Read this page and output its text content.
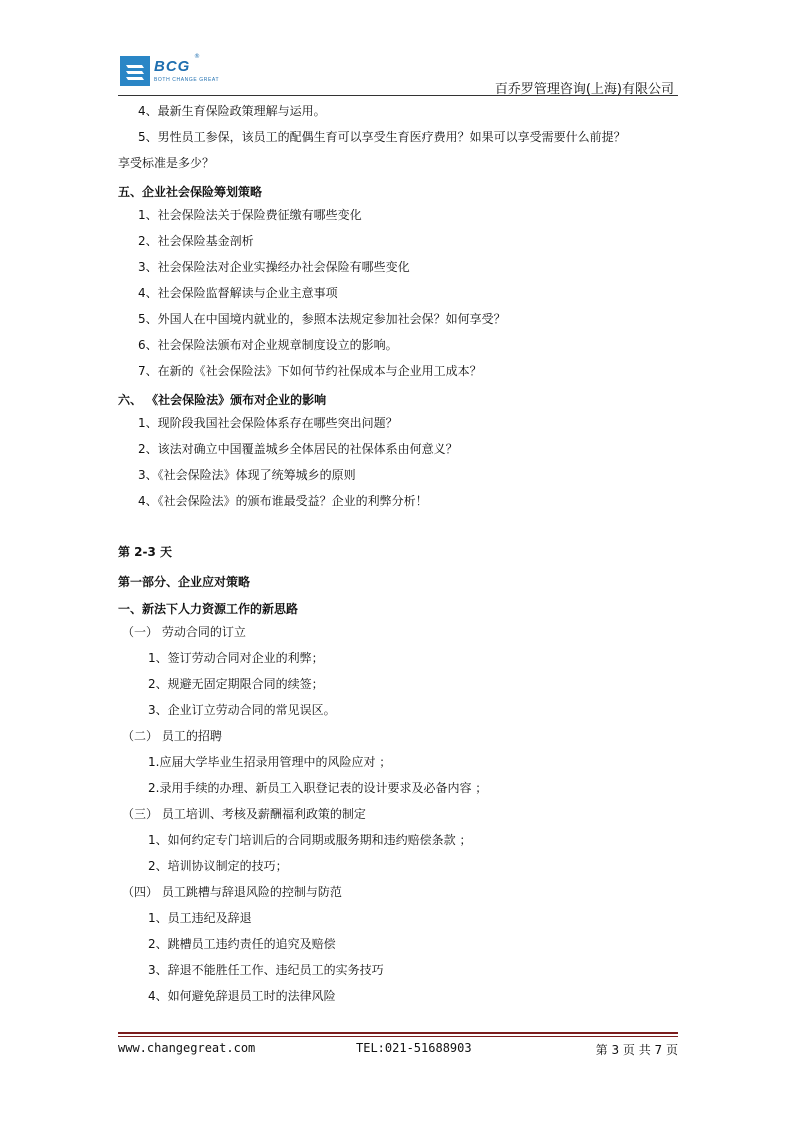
BCG
®
BOTH CHANGE GREAT
百乔罗管理咨询(上海)有限公司
4、最新生育保险政策理解与运用。
5、男性员工参保，该员工的配偶生育可以享受生育医疗费用？如果可以享受需要什么前提？
享受标准是多少？
五、企业社会保险筹划策略
1、社会保险法关于保险费征缴有哪些变化
2、社会保险基金剖析
3、社会保险法对企业实操经办社会保险有哪些变化
4、社会保险监督解读与企业主意事项
5、外国人在中国境内就业的，参照本法规定参加社会保？如何享受？
6、社会保险法颁布对企业规章制度设立的影响。
7、在新的《社会保险法》下如何节约社保成本与企业用工成本？
六、 《社会保险法》颁布对企业的影响
1、现阶段我国社会保险体系存在哪些突出问题？
2、该法对确立中国覆盖城乡全体居民的社保体系由何意义？
3、《社会保险法》体现了统筹城乡的原则
4、《社会保险法》的颁布谁最受益？企业的利弊分析！
第 2-3 天
第一部分、企业应对策略
一、新法下人力资源工作的新思路
（一） 劳动合同的订立
1、签订劳动合同对企业的利弊；
2、规避无固定期限合同的续签；
3、企业订立劳动合同的常见误区。
（二） 员工的招聘
1.应届大学毕业生招录用管理中的风险应对 ；
2.录用手续的办理、新员工入职登记表的设计要求及必备内容 ；
（三） 员工培训、考核及薪酬福利政策的制定
1、如何约定专门培训后的合同期或服务期和违约赔偿条款 ；
2、培训协议制定的技巧；
（四） 员工跳槽与辞退风险的控制与防范
1、员工违纪及辞退
2、跳槽员工违约责任的追究及赔偿
3、辞退不能胜任工作、违纪员工的实务技巧
4、如何避免辞退员工时的法律风险
www.changegreat.com	TEL:021-51688903	第 3 页 共 7 页
